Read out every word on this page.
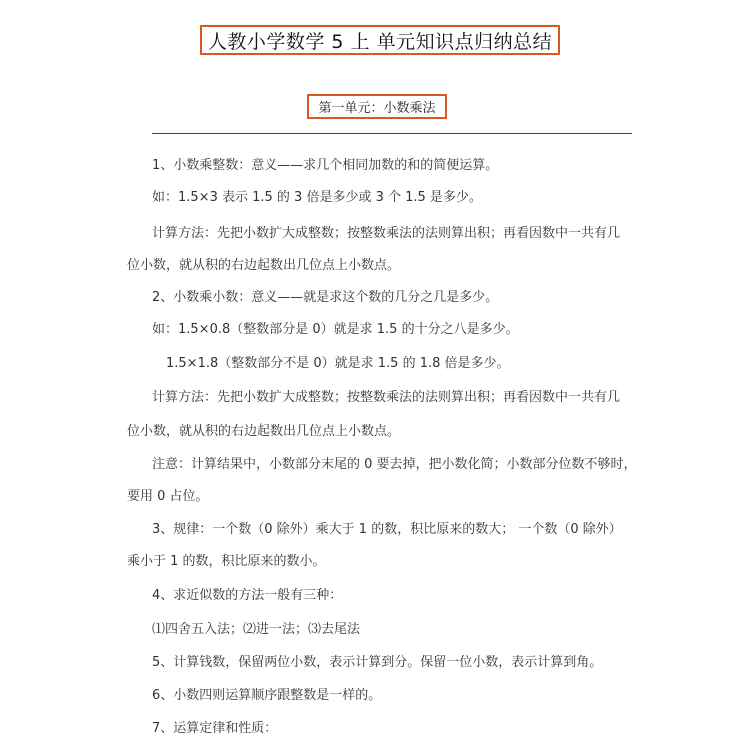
人教小学数学 5 上 单元知识点归纳总结
第一单元：小数乘法
1、小数乘整数：意义——求几个相同加数的和的简便运算。
如：1.5×3 表示 1.5 的 3 倍是多少或 3 个 1.5 是多少。
计算方法：先把小数扩大成整数；按整数乘法的法则算出积；再看因数中一共有几
位小数，就从积的右边起数出几位点上小数点。
2、小数乘小数：意义——就是求这个数的几分之几是多少。
如：1.5×0.8（整数部分是 0）就是求 1.5 的十分之八是多少。
1.5×1.8（整数部分不是 0）就是求 1.5 的 1.8 倍是多少。
计算方法：先把小数扩大成整数；按整数乘法的法则算出积；再看因数中一共有几
位小数，就从积的右边起数出几位点上小数点。
注意：计算结果中，小数部分末尾的 0 要去掉，把小数化简；小数部分位数不够时，
要用 0 占位。
3、规律：一个数（0 除外）乘大于 1 的数，积比原来的数大； 一个数（0 除外）
乘小于 1 的数，积比原来的数小。
4、求近似数的方法一般有三种：
⑴四舍五入法；⑵进一法；⑶去尾法
5、计算钱数，保留两位小数，表示计算到分。保留一位小数，表示计算到角。
6、小数四则运算顺序跟整数是一样的。
7、运算定律和性质：
